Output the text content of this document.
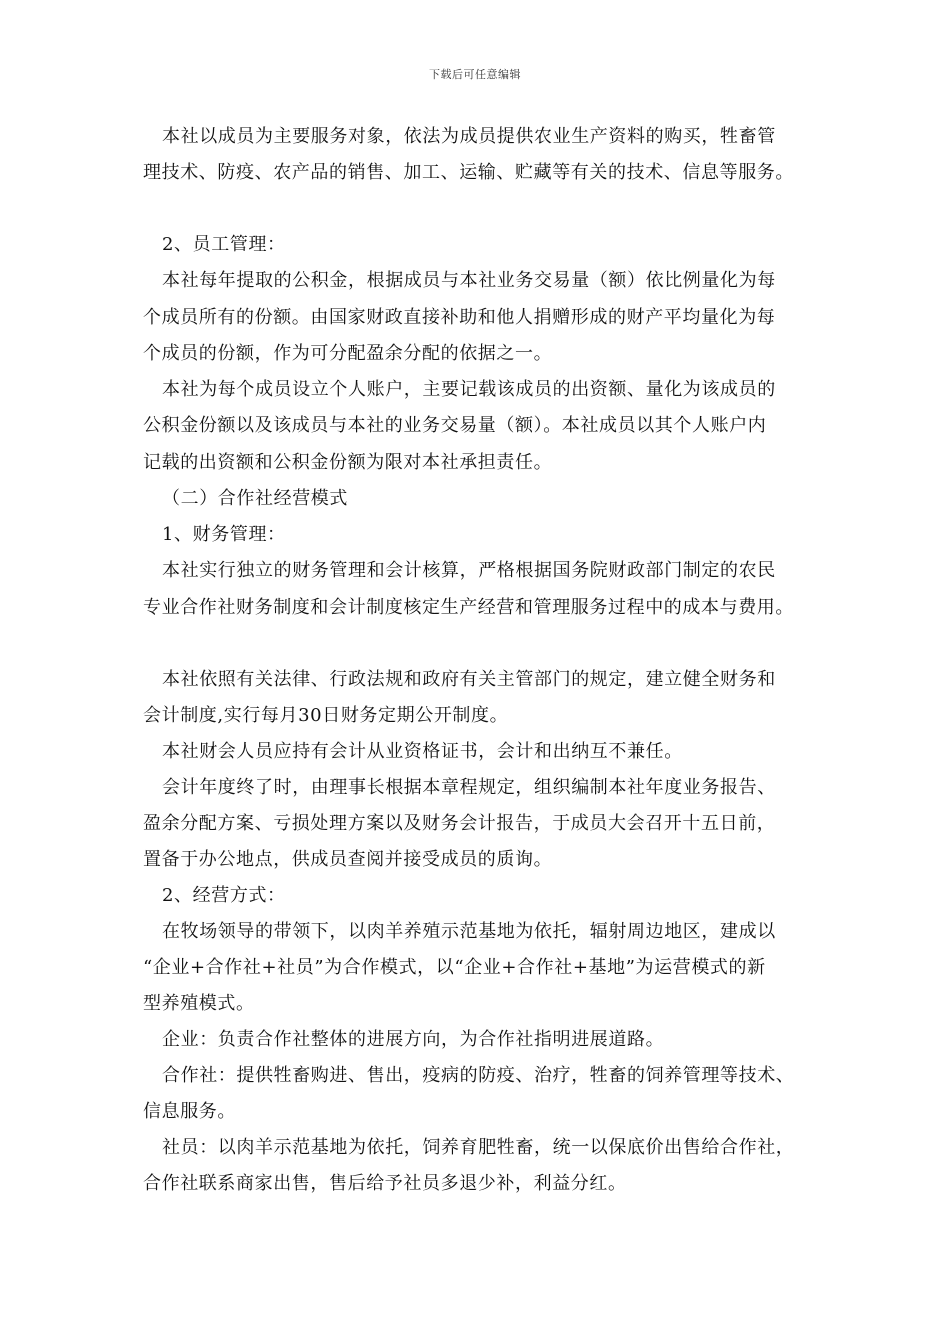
下载后可任意编辑
本社以成员为主要服务对象，依法为成员提供农业生产资料的购买，牲畜管
理技术、防疫、农产品的销售、加工、运输、贮藏等有关的技术、信息等服务。
2、员工管理：
本社每年提取的公积金，根据成员与本社业务交易量（额）依比例量化为每
个成员所有的份额。由国家财政直接补助和他人捐赠形成的财产平均量化为每
个成员的份额，作为可分配盈余分配的依据之一。
本社为每个成员设立个人账户，主要记载该成员的出资额、量化为该成员的
公积金份额以及该成员与本社的业务交易量（额）。本社成员以其个人账户内
记载的出资额和公积金份额为限对本社承担责任。
（二）合作社经营模式
1、财务管理：
本社实行独立的财务管理和会计核算，严格根据国务院财政部门制定的农民
专业合作社财务制度和会计制度核定生产经营和管理服务过程中的成本与费用。
本社依照有关法律、行政法规和政府有关主管部门的规定，建立健全财务和
会计制度,实行每月30日财务定期公开制度。
本社财会人员应持有会计从业资格证书，会计和出纳互不兼任。
会计年度终了时，由理事长根据本章程规定，组织编制本社年度业务报告、
盈余分配方案、亏损处理方案以及财务会计报告，于成员大会召开十五日前，
置备于办公地点，供成员查阅并接受成员的质询。
2、经营方式：
在牧场领导的带领下，以肉羊养殖示范基地为依托，辐射周边地区，建成以
“企业+合作社+社员”为合作模式，以“企业+合作社+基地”为运营模式的新
型养殖模式。
企业：负责合作社整体的进展方向，为合作社指明进展道路。
合作社：提供牲畜购进、售出，疫病的防疫、治疗，牲畜的饲养管理等技术、
信息服务。
社员：以肉羊示范基地为依托，饲养育肥牲畜，统一以保底价出售给合作社，
合作社联系商家出售，售后给予社员多退少补，利益分红。
